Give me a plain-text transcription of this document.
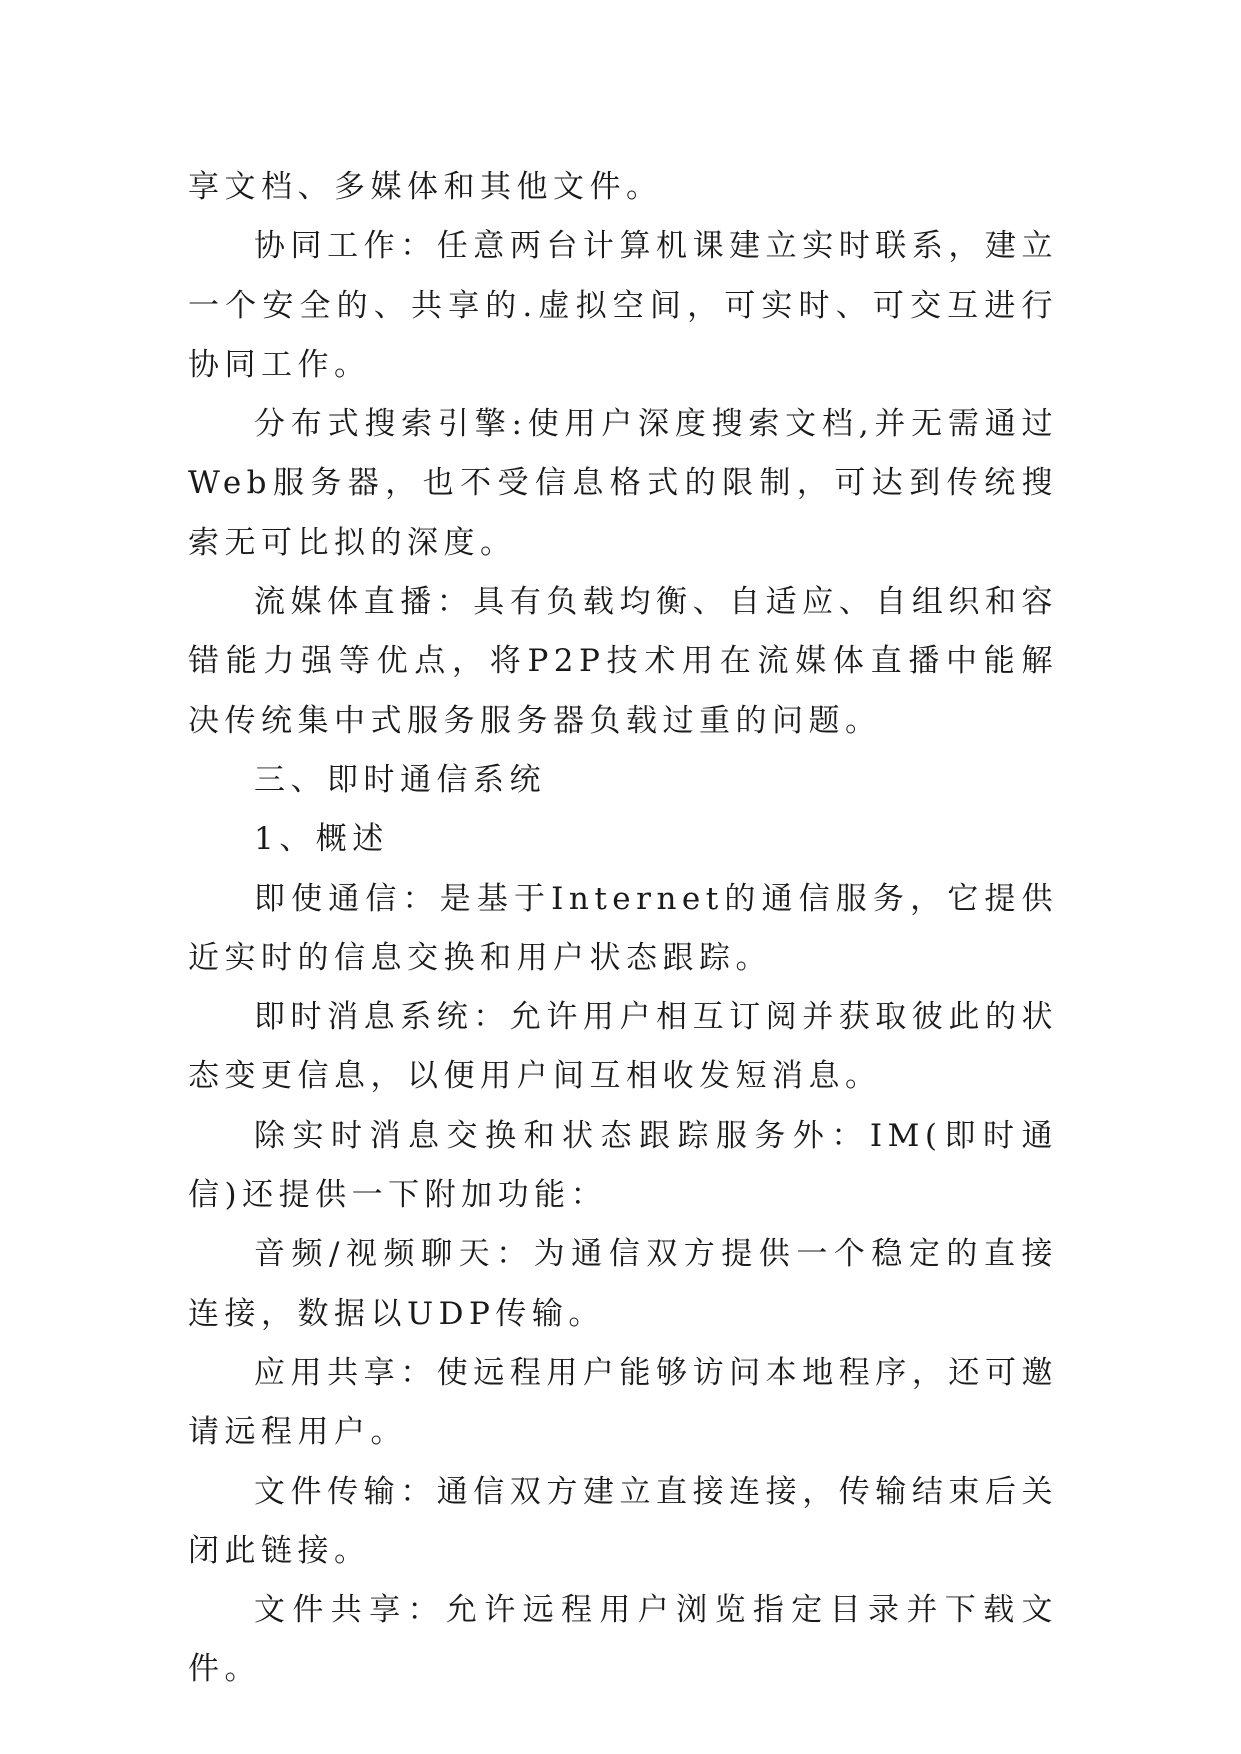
享文档、多媒体和其他文件。

协同工作：任意两台计算机课建立实时联系，建立一个安全的、共享的.虚拟空间，可实时、可交互进行协同工作。

分布式搜索引擎:使用户深度搜索文档,并无需通过Web服务器，也不受信息格式的限制，可达到传统搜索无可比拟的深度。

流媒体直播：具有负载均衡、自适应、自组织和容错能力强等优点，将P2P技术用在流媒体直播中能解决传统集中式服务服务器负载过重的问题。

三、即时通信系统

1、概述

即使通信：是基于Internet的通信服务，它提供近实时的信息交换和用户状态跟踪。

即时消息系统：允许用户相互订阅并获取彼此的状态变更信息，以便用户间互相收发短消息。

除实时消息交换和状态跟踪服务外：IM(即时通信)还提供一下附加功能：

音频/视频聊天：为通信双方提供一个稳定的直接连接，数据以UDP传输。

应用共享：使远程用户能够访问本地程序，还可邀请远程用户。

文件传输：通信双方建立直接连接，传输结束后关闭此链接。

文件共享：允许远程用户浏览指定目录并下载文件。
